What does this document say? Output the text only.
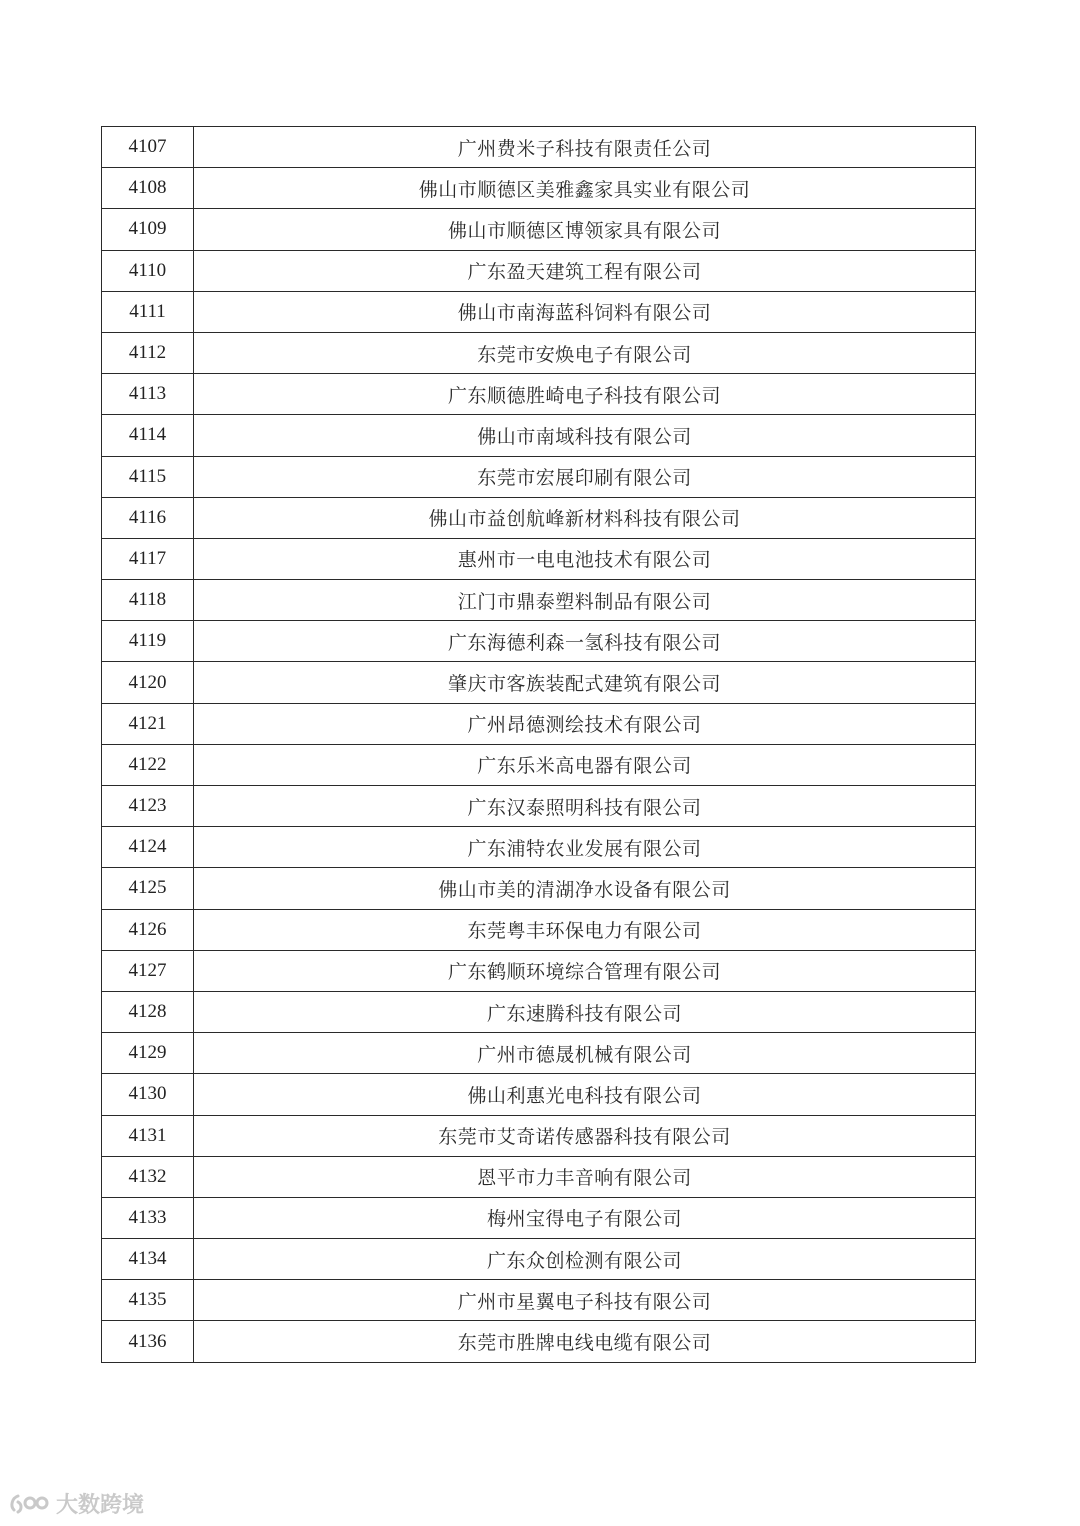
4107	广州费米子科技有限责任公司
4108	佛山市顺德区美雅鑫家具实业有限公司
4109	佛山市顺德区博领家具有限公司
4110	广东盈天建筑工程有限公司
4111	佛山市南海蓝科饲料有限公司
4112	东莞市安焕电子有限公司
4113	广东顺德胜崎电子科技有限公司
4114	佛山市南域科技有限公司
4115	东莞市宏展印刷有限公司
4116	佛山市益创航峰新材料科技有限公司
4117	惠州市一电电池技术有限公司
4118	江门市鼎泰塑料制品有限公司
4119	广东海德利森一氢科技有限公司
4120	肇庆市客族装配式建筑有限公司
4121	广州昂德测绘技术有限公司
4122	广东乐米高电器有限公司
4123	广东汉泰照明科技有限公司
4124	广东浦特农业发展有限公司
4125	佛山市美的清湖净水设备有限公司
4126	东莞粤丰环保电力有限公司
4127	广东鹤顺环境综合管理有限公司
4128	广东速腾科技有限公司
4129	广州市德晟机械有限公司
4130	佛山利惠光电科技有限公司
4131	东莞市艾奇诺传感器科技有限公司
4132	恩平市力丰音响有限公司
4133	梅州宝得电子有限公司
4134	广东众创检测有限公司
4135	广州市星翼电子科技有限公司
4136	东莞市胜牌电线电缆有限公司
大数跨境
